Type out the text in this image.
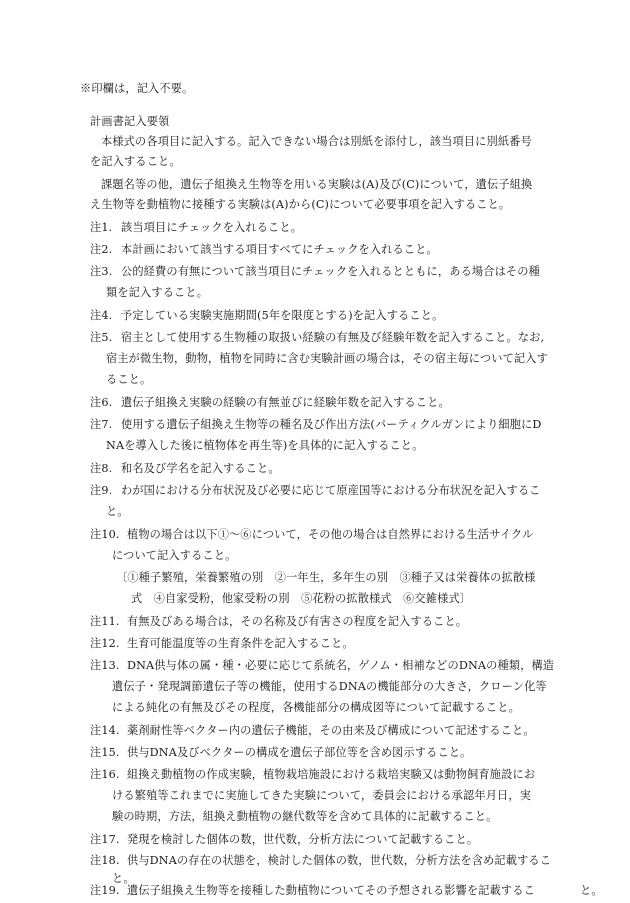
※印欄は，記入不要。
計画書記入要領
本様式の各項目に記入する。記入できない場合は別紙を添付し，該当項目に別紙番号
を記入すること。
課題名等の他，遺伝子組換え生物等を用いる実験は(A)及び(C)について，遺伝子組換
え生物等を動植物に接種する実験は(A)から(C)について必要事項を記入すること。
注1. 該当項目にチェックを入れること。
注2. 本計画において該当する項目すべてにチェックを入れること。
注3. 公的経費の有無について該当項目にチェックを入れるとともに，ある場合はその種
類を記入すること。
注4. 予定している実験実施期間(5年を限度とする)を記入すること。
注5. 宿主として使用する生物種の取扱い経験の有無及び経験年数を記入すること。なお,
宿主が微生物，動物，植物を同時に含む実験計画の場合は，その宿主毎について記入す
ること。
注6. 遺伝子組換え実験の経験の有無並びに経験年数を記入すること。
注7. 使用する遺伝子組換え生物等の種名及び作出方法(パーティクルガンにより細胞にD
NAを導入した後に植物体を再生等)を具体的に記入すること。
注8. 和名及び学名を記入すること。
注9. わが国における分布状況及び必要に応じて原産国等における分布状況を記入するこ
と。
注10. 植物の場合は以下①～⑥について，その他の場合は自然界における生活サイクル
について記入すること。
〔①種子繁殖，栄養繁殖の別　②一年生，多年生の別　③種子又は栄養体の拡散様
式　④自家受粉，他家受粉の別　⑤花粉の拡散様式　⑥交雑様式〕
注11. 有無及びある場合は，その名称及び有害さの程度を記入すること。
注12. 生育可能温度等の生育条件を記入すること。
注13. DNA供与体の属・種・必要に応じて系統名，ゲノム・相補などのDNAの種類，構造
遺伝子・発現調節遺伝子等の機能，使用するDNAの機能部分の大きさ，クローン化等
による純化の有無及びその程度，各機能部分の構成図等について記載すること。
注14. 薬剤耐性等ベクター内の遺伝子機能，その由来及び構成について記述すること。
注15. 供与DNA及びベクターの構成を遺伝子部位等を含め図示すること。
注16. 組換え動植物の作成実験，植物栽培施設における栽培実験又は動物飼育施設にお
ける繁殖等これまでに実施してきた実験について，委員会における承認年月日，実
験の時期，方法，組換え動植物の継代数等を含めて具体的に記載すること。
注17. 発現を検討した個体の数，世代数，分析方法について記載すること。
注18. 供与DNAの存在の状態を，検討した個体の数，世代数，分析方法を含め記載するこ
と。
注19. 遺伝子組換え生物等を接種した動植物についてその予想される影響を記載するこ	と。
